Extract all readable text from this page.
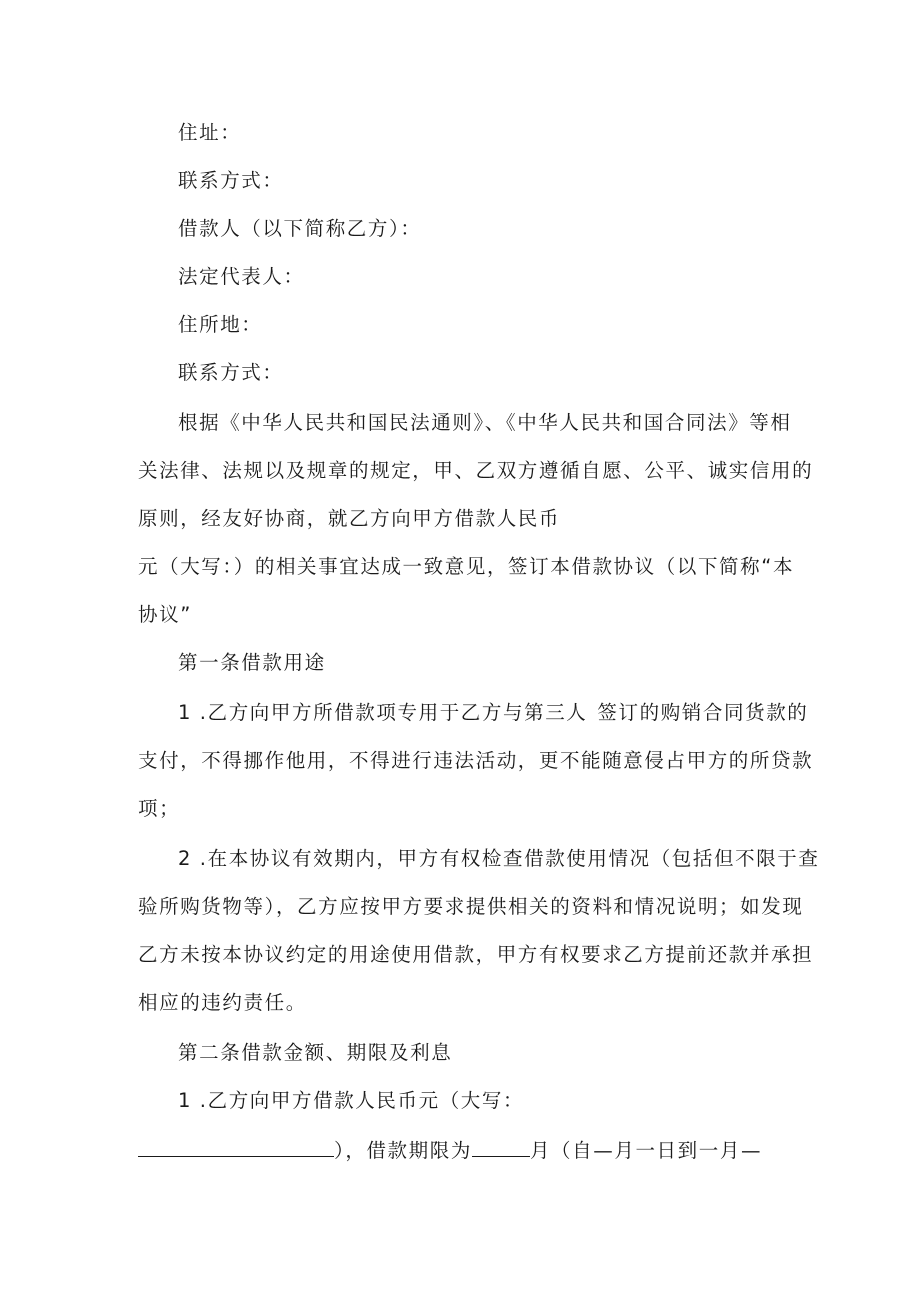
住址：
联系方式：
借款人（以下简称乙方）：
法定代表人：
住所地：
联系方式：
根据《中华人民共和国民法通则》、《中华人民共和国合同法》等相
关法律、法规以及规章的规定，甲、乙双方遵循自愿、公平、诚实信用的
原则，经友好协商，就乙方向甲方借款人民币
元（大写：）的相关事宜达成一致意见，签订本借款协议（以下简称“本
协议”
第一条借款用途
1 .乙方向甲方所借款项专用于乙方与第三人 签订的购销合同货款的
支付，不得挪作他用，不得进行违法活动，更不能随意侵占甲方的所贷款
项；
2 .在本协议有效期内，甲方有权检查借款使用情况（包括但不限于查
验所购货物等），乙方应按甲方要求提供相关的资料和情况说明；如发现
乙方未按本协议约定的用途使用借款，甲方有权要求乙方提前还款并承担
相应的违约责任。
第二条借款金额、期限及利息
1 .乙方向甲方借款人民币元（大写：
），借款期限为	月（自—月一日到一月—
